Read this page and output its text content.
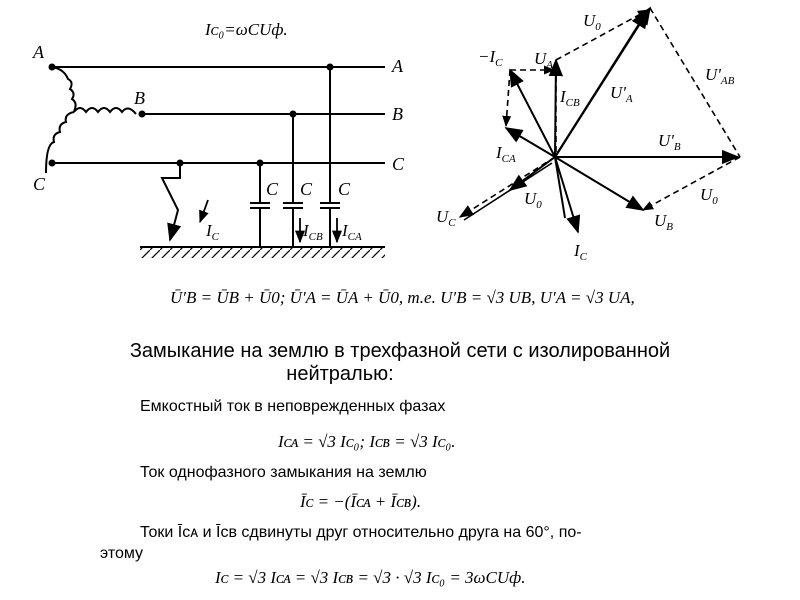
Iᴄ₀=ωCUф.
A
B
C
A
B
C
C C C
$I_C$	$I_{CB}$ $I_{CA}$
$U_0$
$U_A$
$U'_A$
$U'_{AB}$
$-I_C$
$I_{CB}$
$I_{CA}$
$U'_B$
$U_C$
$U_0$
$U_0$
$U_B$
$I_C$
Ū′B = ŪB + Ū0; Ū′A = ŪA + Ū0, т.е. U′B = √3 UB, U′A = √3 UA,
Замыкание на землю в трехфазной сети с изолированной
нейтралью:
Емкостный ток в неповрежденных фазах
Iᴄᴀ = √3 Iᴄ₀; Iᴄʙ = √3 Iᴄ₀.
Ток однофазного замыкания на землю
Īᴄ = −(Īᴄᴀ + Īᴄʙ).
Токи Īᴄᴀ и Īᴄʙ сдвинуты друг относительно друга на 60°, по-
этому
Iᴄ = √3 Iᴄᴀ = √3 Iᴄʙ = √3 · √3 Iᴄ₀ = 3ωCUф.
